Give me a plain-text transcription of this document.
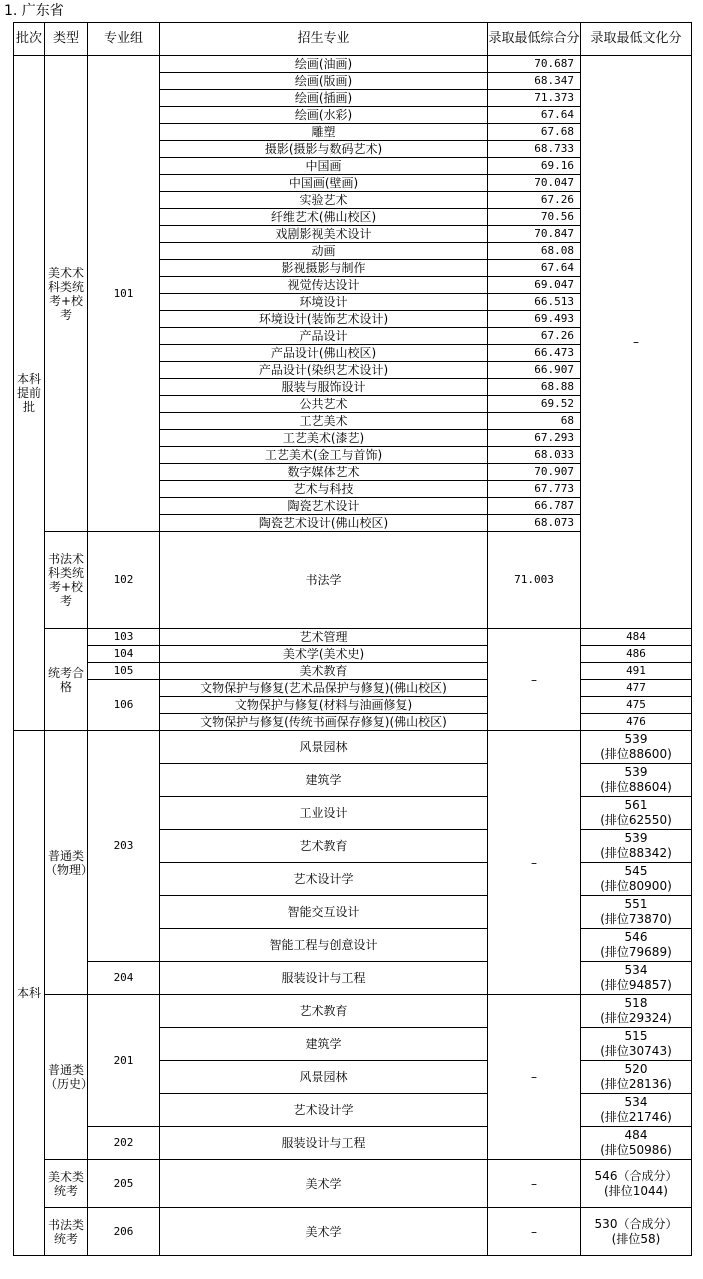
1. 广东省
批次	类型	专业组	招生专业	录取最低综合分	录取最低文化分
本科提前批	美术术科类统考+校考	101	绘画(油画)	70.687	–
			绘画(版画)	68.347	
			绘画(插画)	71.373	
			绘画(水彩)	67.64	
			雕塑	67.68	
			摄影(摄影与数码艺术)	68.733	
			中国画	69.16	
			中国画(壁画)	70.047	
			实验艺术	67.26	
			纤维艺术(佛山校区)	70.56	
			戏剧影视美术设计	70.847	
			动画	68.08	
			影视摄影与制作	67.64	
			视觉传达设计	69.047	
			环境设计	66.513	
			环境设计(装饰艺术设计)	69.493	
			产品设计	67.26	
			产品设计(佛山校区)	66.473	
			产品设计(染织艺术设计)	66.907	
			服装与服饰设计	68.88	
			公共艺术	69.52	
			工艺美术	68	
			工艺美术(漆艺)	67.293	
			工艺美术(金工与首饰)	68.033	
			数字媒体艺术	70.907	
			艺术与科技	67.773	
			陶瓷艺术设计	66.787	
			陶瓷艺术设计(佛山校区)	68.073	
	书法术科类统考+校考	102	书法学	71.003	
	统考合格	103	艺术管理	–	484
		104	美术学(美术史)		486
		105	美术教育		491
		106	文物保护与修复(艺术品保护与修复)(佛山校区)		477
			文物保护与修复(材料与油画修复)		475
			文物保护与修复(传统书画保存修复)(佛山校区)		476
本科	普通类（物理）	203	风景园林	–	539
(排位88600)

			建筑学		539
(排位88604)

			工业设计		561
(排位62550)

			艺术教育		539
(排位88342)

			艺术设计学		545
(排位80900)

			智能交互设计		551
(排位73870)

			智能工程与创意设计		546
(排位79689)

		204	服装设计与工程		534
(排位94857)

	普通类（历史）	201	艺术教育	–	518
(排位29324)

			建筑学		515
(排位30743)

			风景园林		520
(排位28136)

			艺术设计学		534
(排位21746)

		202	服装设计与工程		484
(排位50986)

	美术类统考	205	美术学	–	546（合成分）
(排位1044)

	书法类统考	206	美术学	–	530（合成分）
(排位58)
